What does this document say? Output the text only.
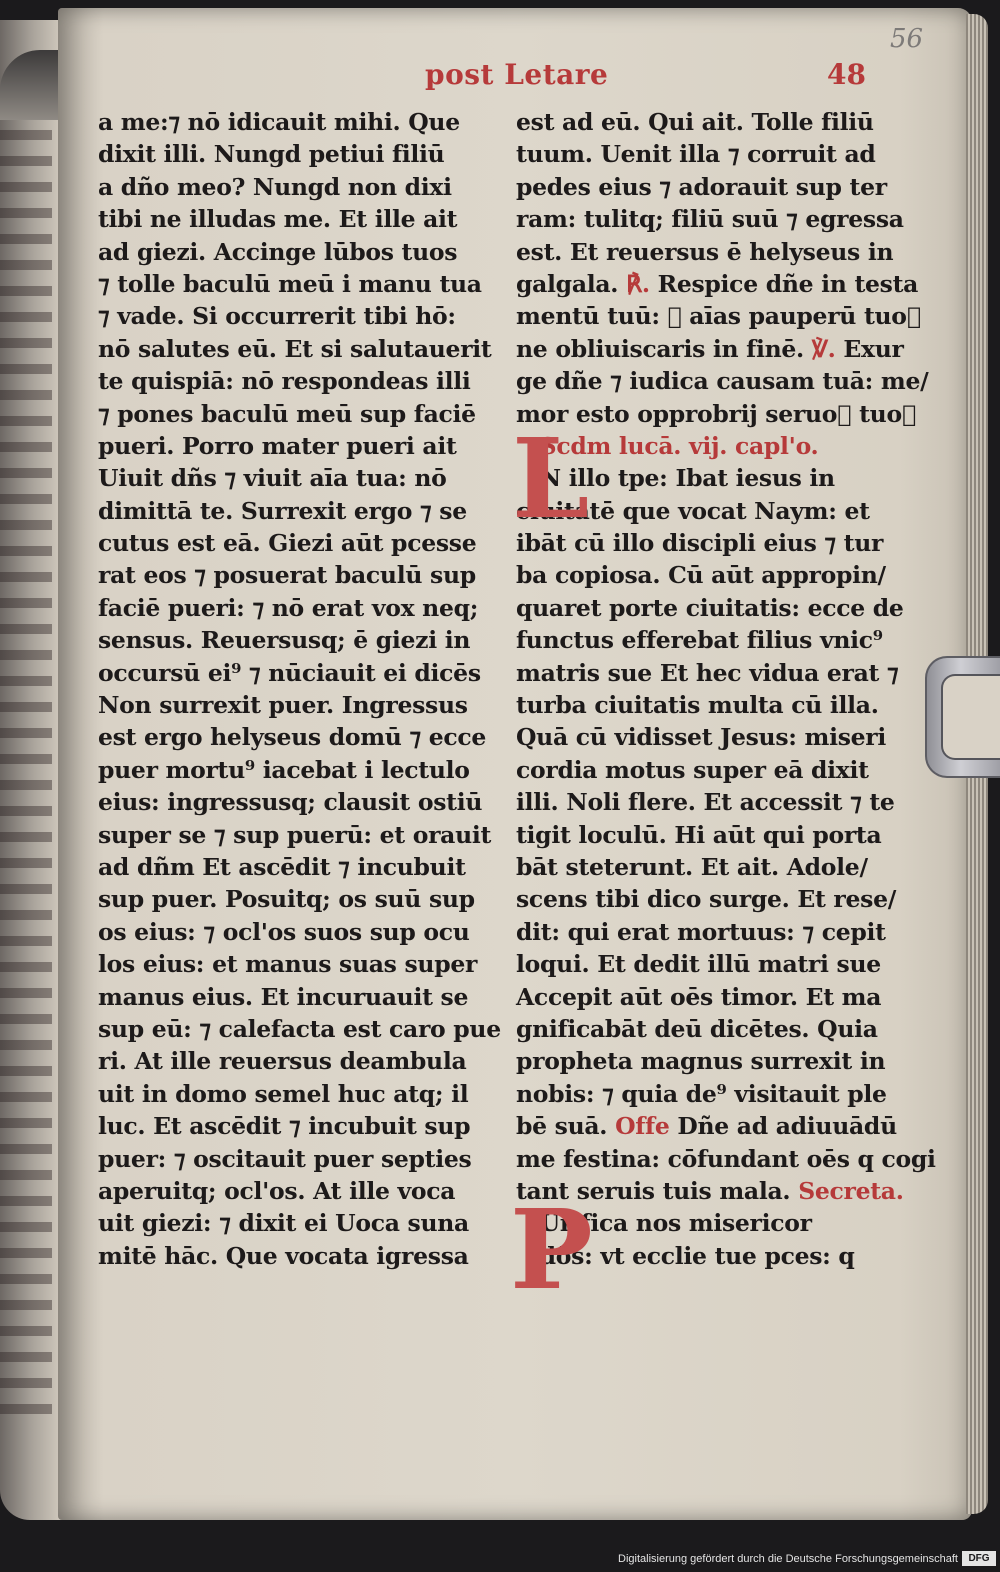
post Letare	48
56
a me:⁊ nō idicauit mihi. Que
dixit illi. Nungd petiui filiū
a dño meo? Nungd non dixi
tibi ne illudas me. Et ille ait
ad giezi. Accinge lūbos tuos
⁊ tolle baculū meū i manu tua
⁊ vade. Si occurrerit tibi hō:
nō salutes eū. Et si salutauerit
te quispiā: nō respondeas illi
⁊ pones baculū meū sup faciē
pueri. Porro mater pueri ait
Uiuit dñs ⁊ viuit aīa tua: nō
dimittā te. Surrexit ergo ⁊ se
cutus est eā. Giezi aūt pcesse
rat eos ⁊ posuerat baculū sup
faciē pueri: ⁊ nō erat vox neq;
sensus. Reuersusq; ē giezi in
occursū ei⁹ ⁊ nūciauit ei dicēs
Non surrexit puer. Ingressus
est ergo helyseus domū ⁊ ecce
puer mortu⁹ iacebat i lectulo
eius: ingressusq; clausit ostiū
super se ⁊ sup puerū: et orauit
ad dñm Et ascēdit ⁊ incubuit
sup puer. Posuitq; os suū sup
os eius: ⁊ ocl'os suos sup ocu
los eius: et manus suas super
manus eius. Et incuruauit se
sup eū: ⁊ calefacta est caro pue
ri. At ille reuersus deambula
uit in domo semel huc atq; il
luc. Et ascēdit ⁊ incubuit sup
puer: ⁊ oscitauit puer septies
aperuitq; ocl'os. At ille voca
uit giezi: ⁊ dixit ei Uoca suna
mitē hāc. Que vocata igressa
est ad eū. Qui ait. Tolle filiū
tuum. Uenit illa ⁊ corruit ad
pedes eius ⁊ adorauit sup ter
ram: tulitq; filiū suū ⁊ egressa
est. Et reuersus ē helyseus in
galgala. ℟. Respice dñe in testa
mentū tuū: ⁊ aīas pauperū tuo᷑
ne obliuiscaris in finē. ℣. Exur
ge dñe ⁊ iudica causam tuā: me/
mor esto opprobrij seruo᷑ tuo᷑
Scdm lucā. vij. capl'o.
N illo tpe: Ibat iesus in
ciuitatē que vocat Naym: et
ibāt cū illo discipli eius ⁊ tur
ba copiosa. Cū aūt appropin/
quaret porte ciuitatis: ecce de
functus efferebat filius vnic⁹
matris sue Et hec vidua erat ⁊
turba ciuitatis multa cū illa.
Quā cū vidisset Jesus: miseri
cordia motus super eā dixit
illi. Noli flere. Et accessit ⁊ te
tigit loculū. Hi aūt qui porta
bāt steterunt. Et ait. Adole/
scens tibi dico surge. Et rese/
dit: qui erat mortuus: ⁊ cepit
loqui. Et dedit illū matri sue
Accepit aūt oēs timor. Et ma
gnificabāt deū dicētes. Quia
propheta magnus surrexit in
nobis: ⁊ quia de⁹ visitauit ple
bē suā. Offe Dñe ad adiuuādū
me festina: cōfundant oēs q cogi
tant seruis tuis mala. Secreta.
Urifica nos misericor
dōs: vt ecclie tue pces: q
L
P
Digitalisierung gefördert durch die Deutsche Forschungsgemeinschaft	DFG
